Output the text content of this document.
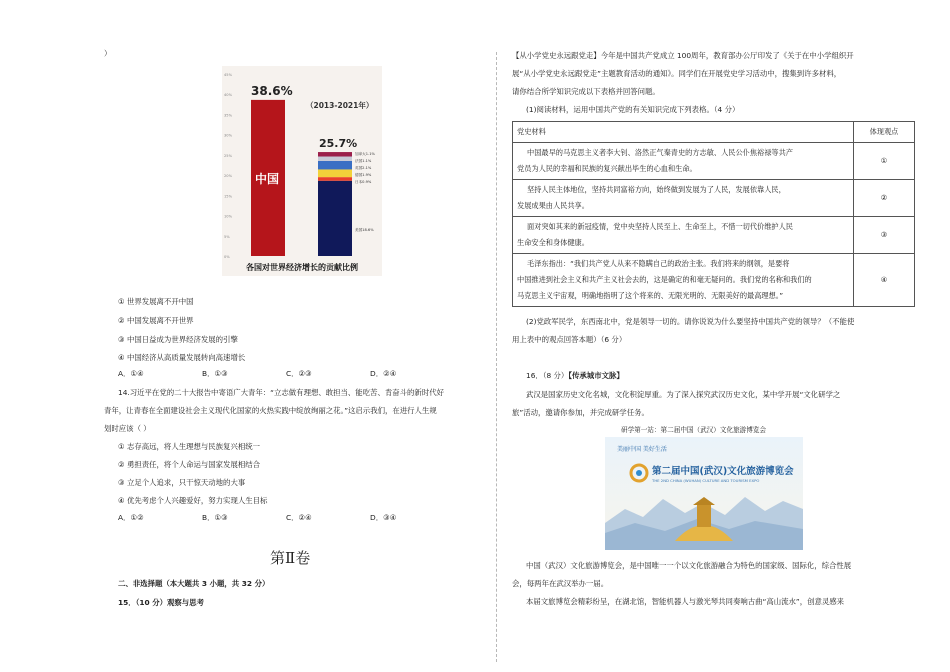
）
0%
5%
10%
15%
20%
25%
30%
35%
40%
45%
38.6%
中国
（2013-2021年）
美国18.6%
加拿大1.1%
法国1.1%
英国2.1%
德国1.9%
日本0.9%
25.7%
各国对世界经济增长的贡献比例
① 世界发展离不开中国
② 中国发展离不开世界
③ 中国日益成为世界经济发展的引擎
④ 中国经济从高质量发展转向高速增长
A．①④	B．①③	C．②③	D．②④
14.习近平在党的二十大报告中寄语广大青年：“立志做有理想、敢担当、能吃苦、肯奋斗的新时代好
青年，让青春在全面建设社会主义现代化国家的火热实践中绽放绚丽之花。”这启示我们，在进行人生规
划时应该（ ）
① 志存高远，将人生理想与民族复兴相统一
② 勇担责任，将个人命运与国家发展相结合
③ 立足个人追求，只干惊天动地的大事
④ 优先考虑个人兴趣爱好，努力实现人生目标
A．①②	B．①③	C．②④	D．③④
第Ⅱ卷
二、非选择题（本大题共 3 小题，共 32 分）
15．（10 分）观察与思考
【从小学党史永远跟党走】今年是中国共产党成立 100周年，教育部办公厅印发了《关于在中小学组织开
展“从小学党史永远跟党走”主题教育活动的通知》。同学们在开展党史学习活动中，搜集到许多材料，
请你结合所学知识完成以下表格并回答问题。
(1)阅读材料，运用中国共产党的有关知识完成下列表格。（4 分）
党史材料	体现观点

中国最早的马克思主义者李大钊、洛然正气秦青史的方志敏、人民公仆焦裕禄等共产
党员为人民的幸福和民族的复兴献出毕生的心血和生命。	①

坚持人民主体地位，坚持共同富裕方向，始终做到发展为了人民，发展依靠人民，
发展成果由人民共享。	②

面对突如其来的新冠疫情，党中央坚持人民至上、生命至上，不惜一切代价维护人民
生命安全和身体健康。	③

毛泽东指出：“我们共产党人从来不隐瞒自己的政治主张。我们将来的纲领，是要将
中国推进到社会主义和共产主义社会去的，这是确定的和毫无疑问的。我们党的名称和我们的
马克思主义宇宙观，明确地指明了这个将来的、无限光明的、无限美好的最高理想。”	④
(2)党政军民学，东西南北中，党是领导一切的。请你说说为什么要坚持中国共产党的领导？（不能使
用上表中的观点回答本题）（6 分）
16．（8 分）【传承城市文脉】
武汉是国家历史文化名城，文化积淀厚重。为了深入探究武汉历史文化，某中学开展“文化研学之
旅”活动，邀请你参加，并完成研学任务。
研学第一站：第二届中国（武汉）文化旅游博览会
美丽中国 美好生活
第二届中国(武汉)文化旅游博览会
THE 2ND CHINA (WUHAN) CULTURE AND TOURISM EXPO
中国（武汉）文化旅游博览会，是中国唯一一个以文化旅游融合为特色的国家级、国际化，综合性展
会，每两年在武汉举办一届。
本届文旅博览会精彩纷呈，在湖北馆，智能机器人与激光琴共同奏响古曲“高山流水”，创意灵感来
